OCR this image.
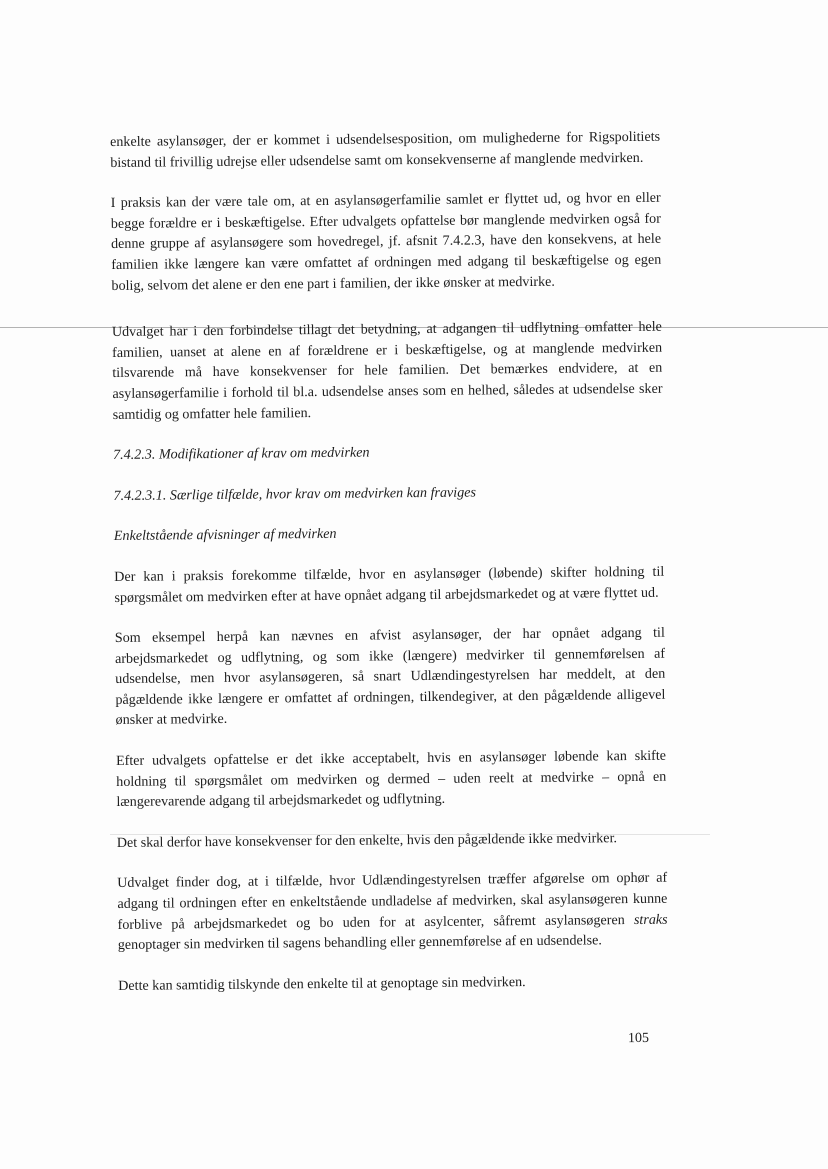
enkelte asylansøger, der er kommet i udsendelsesposition, om mulighederne for Rigspolitiets bistand til frivillig udrejse eller udsendelse samt om konsekvenserne af manglende medvirken.

I praksis kan der være tale om, at en asylansøgerfamilie samlet er flyttet ud, og hvor en eller begge forældre er i beskæftigelse. Efter udvalgets opfattelse bør manglende medvirken også for denne gruppe af asylansøgere som hovedregel, jf. afsnit 7.4.2.3, have den konsekvens, at hele familien ikke længere kan være omfattet af ordningen med adgang til beskæftigelse og egen bolig, selvom det alene er den ene part i familien, der ikke ønsker at medvirke.

Udvalget har i den forbindelse tillagt det betydning, at adgangen til udflytning omfatter hele familien, uanset at alene en af forældrene er i beskæftigelse, og at manglende medvirken tilsvarende må have konsekvenser for hele familien. Det bemærkes endvidere, at en asylansøgerfamilie i forhold til bl.a. udsendelse anses som en helhed, således at udsendelse sker samtidig og omfatter hele familien.

7.4.2.3. Modifikationer af krav om medvirken

7.4.2.3.1. Særlige tilfælde, hvor krav om medvirken kan fraviges

Enkeltstående afvisninger af medvirken

Der kan i praksis forekomme tilfælde, hvor en asylansøger (løbende) skifter holdning til spørgsmålet om medvirken efter at have opnået adgang til arbejdsmarkedet og at være flyttet ud.

Som eksempel herpå kan nævnes en afvist asylansøger, der har opnået adgang til arbejdsmarkedet og udflytning, og som ikke (længere) medvirker til gennemførelsen af udsendelse, men hvor asylansøgeren, så snart Udlændingestyrelsen har meddelt, at den pågældende ikke længere er omfattet af ordningen, tilkendegiver, at den pågældende alligevel ønsker at medvirke.

Efter udvalgets opfattelse er det ikke acceptabelt, hvis en asylansøger løbende kan skifte holdning til spørgsmålet om medvirken og dermed – uden reelt at medvirke – opnå en længerevarende adgang til arbejdsmarkedet og udflytning.

Det skal derfor have konsekvenser for den enkelte, hvis den pågældende ikke medvirker.

Udvalget finder dog, at i tilfælde, hvor Udlændingestyrelsen træffer afgørelse om ophør af adgang til ordningen efter en enkeltstående undladelse af medvirken, skal asylansøgeren kunne forblive på arbejdsmarkedet og bo uden for at asylcenter, såfremt asylansøgeren straks genoptager sin medvirken til sagens behandling eller gennemførelse af en udsendelse.

Dette kan samtidig tilskynde den enkelte til at genoptage sin medvirken.

105
